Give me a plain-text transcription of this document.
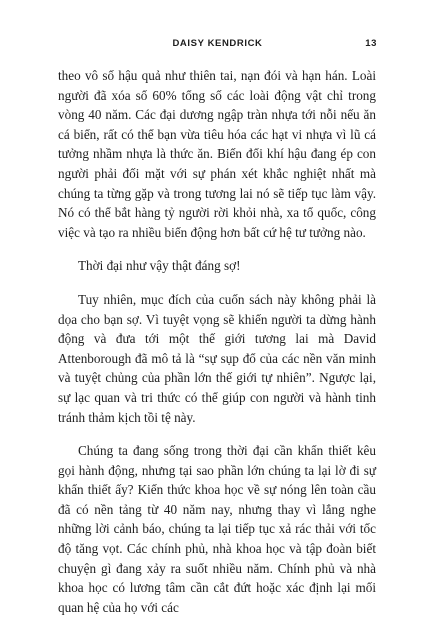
DAISY KENDRICK	13

theo vô số hậu quả như thiên tai, nạn đói và hạn hán. Loài người đã xóa sổ 60% tổng số các loài động vật chỉ trong vòng 40 năm. Các đại dương ngập tràn nhựa tới nỗi nếu ăn cá biển, rất có thể bạn vừa tiêu hóa các hạt vi nhựa vì lũ cá tưởng nhầm nhựa là thức ăn. Biến đổi khí hậu đang ép con người phải đối mặt với sự phán xét khắc nghiệt nhất mà chúng ta từng gặp và trong tương lai nó sẽ tiếp tục làm vậy. Nó có thể bắt hàng tỷ người rời khỏi nhà, xa tổ quốc, công việc và tạo ra nhiều biến động hơn bất cứ hệ tư tưởng nào.

Thời đại như vậy thật đáng sợ!

Tuy nhiên, mục đích của cuốn sách này không phải là dọa cho bạn sợ. Vì tuyệt vọng sẽ khiến người ta dừng hành động và đưa tới một thế giới tương lai mà David Attenborough đã mô tả là “sự sụp đổ của các nền văn minh và tuyệt chủng của phần lớn thế giới tự nhiên”. Ngược lại, sự lạc quan và tri thức có thể giúp con người và hành tinh tránh thảm kịch tồi tệ này.

Chúng ta đang sống trong thời đại cần khẩn thiết kêu gọi hành động, nhưng tại sao phần lớn chúng ta lại lờ đi sự khẩn thiết ấy? Kiến thức khoa học về sự nóng lên toàn cầu đã có nền tảng từ 40 năm nay, nhưng thay vì lắng nghe những lời cảnh báo, chúng ta lại tiếp tục xả rác thải với tốc độ tăng vọt. Các chính phủ, nhà khoa học và tập đoàn biết chuyện gì đang xảy ra suốt nhiều năm. Chính phủ và nhà khoa học có lương tâm cần cắt đứt hoặc xác định lại mối quan hệ của họ với các
